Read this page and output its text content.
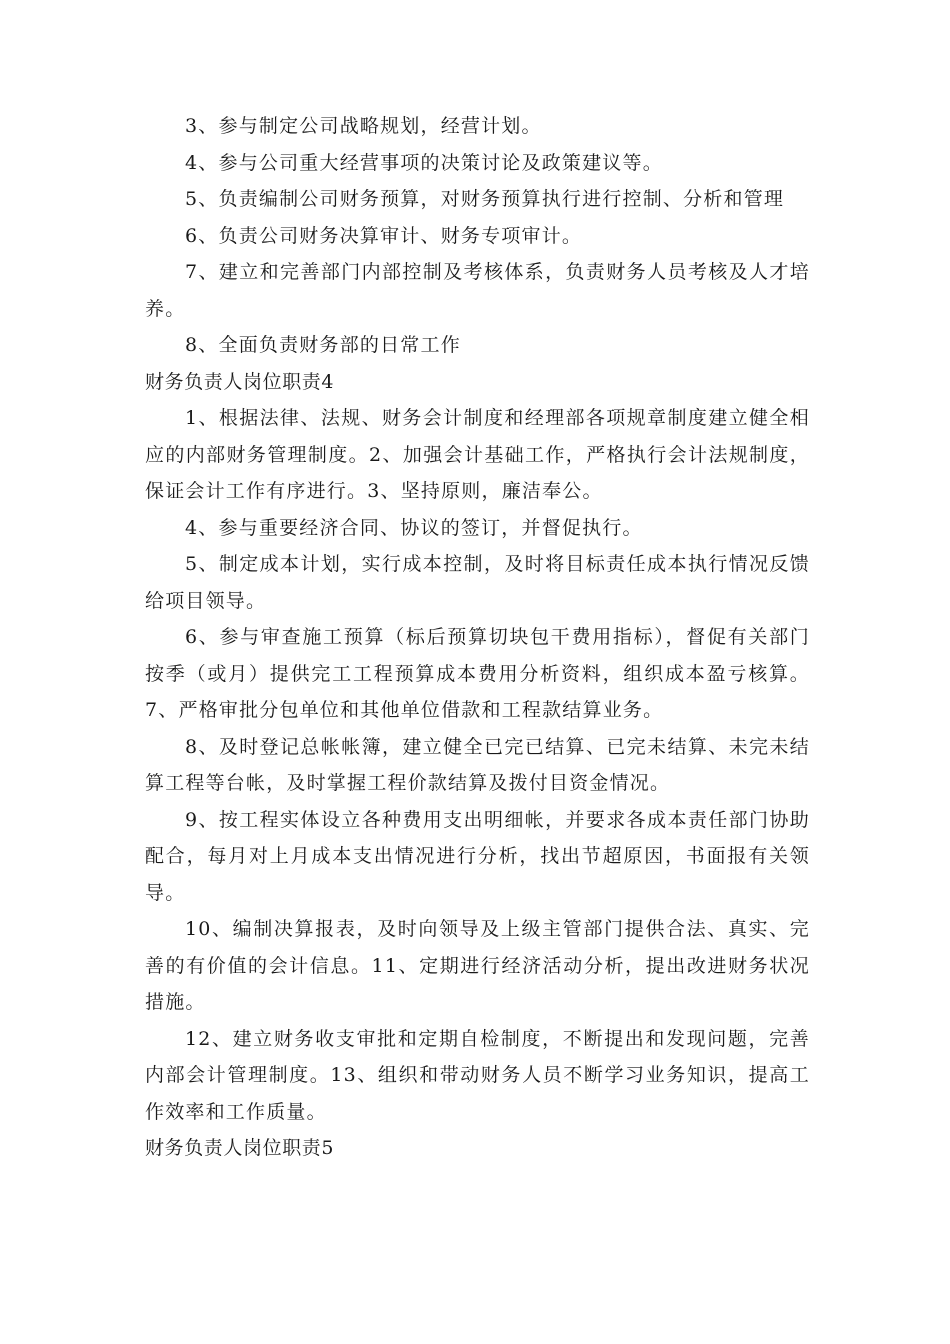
3、参与制定公司战略规划，经营计划。

4、参与公司重大经营事项的决策讨论及政策建议等。

5、负责编制公司财务预算，对财务预算执行进行控制、分析和管理

6、负责公司财务决算审计、财务专项审计。

7、建立和完善部门内部控制及考核体系，负责财务人员考核及人才培养。

8、全面负责财务部的日常工作

财务负责人岗位职责4

1、根据法律、法规、财务会计制度和经理部各项规章制度建立健全相应的内部财务管理制度。2、加强会计基础工作，严格执行会计法规制度，保证会计工作有序进行。3、坚持原则，廉洁奉公。

4、参与重要经济合同、协议的签订，并督促执行。

5、制定成本计划，实行成本控制，及时将目标责任成本执行情况反馈给项目领导。

6、参与审查施工预算（标后预算切块包干费用指标），督促有关部门按季（或月）提供完工工程预算成本费用分析资料，组织成本盈亏核算。7、严格审批分包单位和其他单位借款和工程款结算业务。

8、及时登记总帐帐簿，建立健全已完已结算、已完未结算、未完未结算工程等台帐，及时掌握工程价款结算及拨付目资金情况。

9、按工程实体设立各种费用支出明细帐，并要求各成本责任部门协助配合，每月对上月成本支出情况进行分析，找出节超原因，书面报有关领导。

10、编制决算报表，及时向领导及上级主管部门提供合法、真实、完善的有价值的会计信息。11、定期进行经济活动分析，提出改进财务状况措施。

12、建立财务收支审批和定期自检制度，不断提出和发现问题，完善内部会计管理制度。13、组织和带动财务人员不断学习业务知识，提高工作效率和工作质量。

财务负责人岗位职责5
